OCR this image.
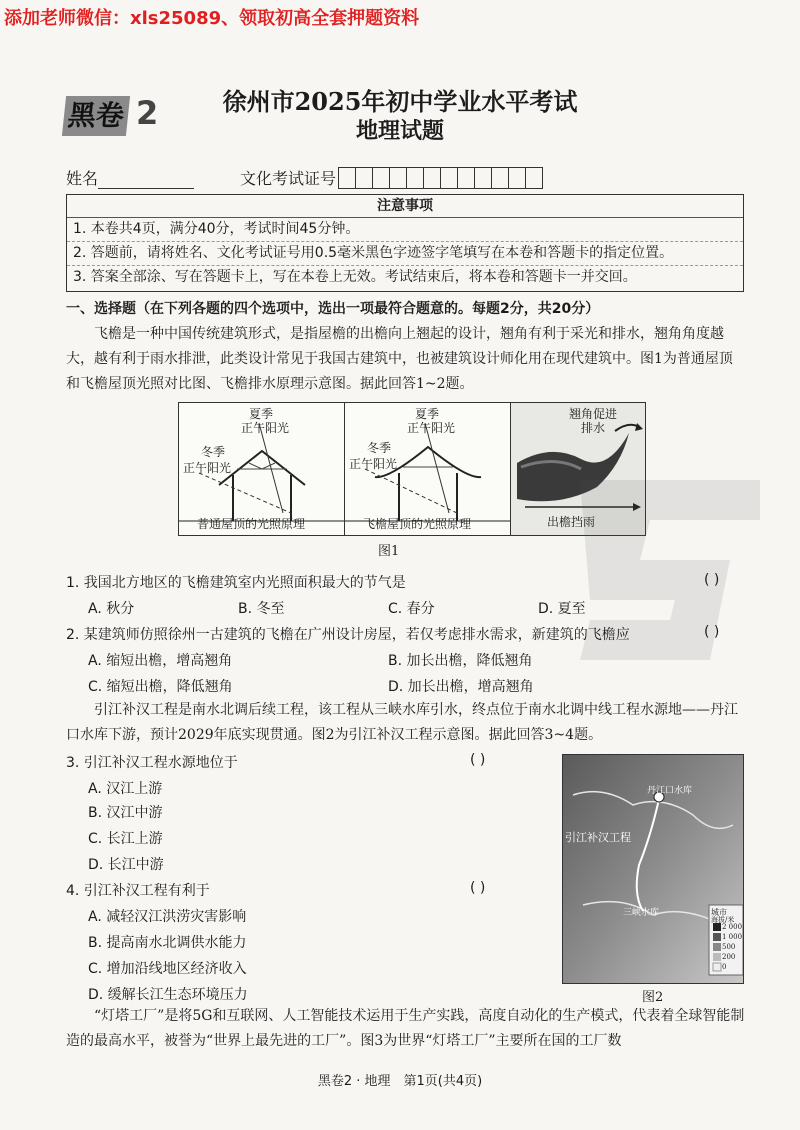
添加老师微信：xls25089、领取初高全套押题资料
黑卷 2	徐州市2025年初中学业水平考试
地理试题
姓名	文化考试证号
注意事项
1. 本卷共4页，满分40分，考试时间45分钟。
2. 答题前，请将姓名、文化考试证号用0.5毫米黑色字迹签字笔填写在本卷和答题卡的指定位置。
3. 答案全部涂、写在答题卡上，写在本卷上无效。考试结束后，将本卷和答题卡一并交回。
一、选择题（在下列各题的四个选项中，选出一项最符合题意的。每题2分，共20分）
飞檐是一种中国传统建筑形式，是指屋檐的出檐向上翘起的设计，翘角有利于采光和排水，翘角角度越大，越有利于雨水排泄，此类设计常见于我国古建筑中，也被建筑设计师化用在现代建筑中。图1为普通屋顶和飞檐屋顶光照对比图、飞檐排水原理示意图。据此回答1~2题。
夏季
正午阳光
冬季
正午阳光
普通屋顶的光照原理
夏季
正午阳光
冬季
正午阳光
飞檐屋顶的光照原理
翘角促进
排水
出檐挡雨
图1
1. 我国北方地区的飞檐建筑室内光照面积最大的节气是	( )
A. 秋分	B. 冬至	C. 春分	D. 夏至
2. 某建筑师仿照徐州一古建筑的飞檐在广州设计房屋，若仅考虑排水需求，新建筑的飞檐应	( )
A. 缩短出檐，增高翘角	B. 加长出檐，降低翘角
C. 缩短出檐，降低翘角	D. 加长出檐，增高翘角
引江补汉工程是南水北调后续工程，该工程从三峡水库引水，终点位于南水北调中线工程水源地——丹江口水库下游，预计2029年底实现贯通。图2为引江补汉工程示意图。据此回答3~4题。
3. 引江补汉工程水源地位于	( )
A. 汉江上游
B. 汉江中游
C. 长江上游
D. 长江中游
4. 引江补汉工程有利于	( )
A. 减轻汉江洪涝灾害影响
B. 提高南水北调供水能力
C. 增加沿线地区经济收入
D. 缓解长江生态环境压力
丹江口水库
引江补汉工程
三峡水库	城市
海拔/米
2 000
1 000
500
200
0
图2
“灯塔工厂”是将5G和互联网、人工智能技术运用于生产实践，高度自动化的生产模式，代表着全球智能制造的最高水平，被誉为“世界上最先进的工厂”。图3为世界“灯塔工厂”主要所在国的工厂数
黑卷2 · 地理　第1页(共4页)
